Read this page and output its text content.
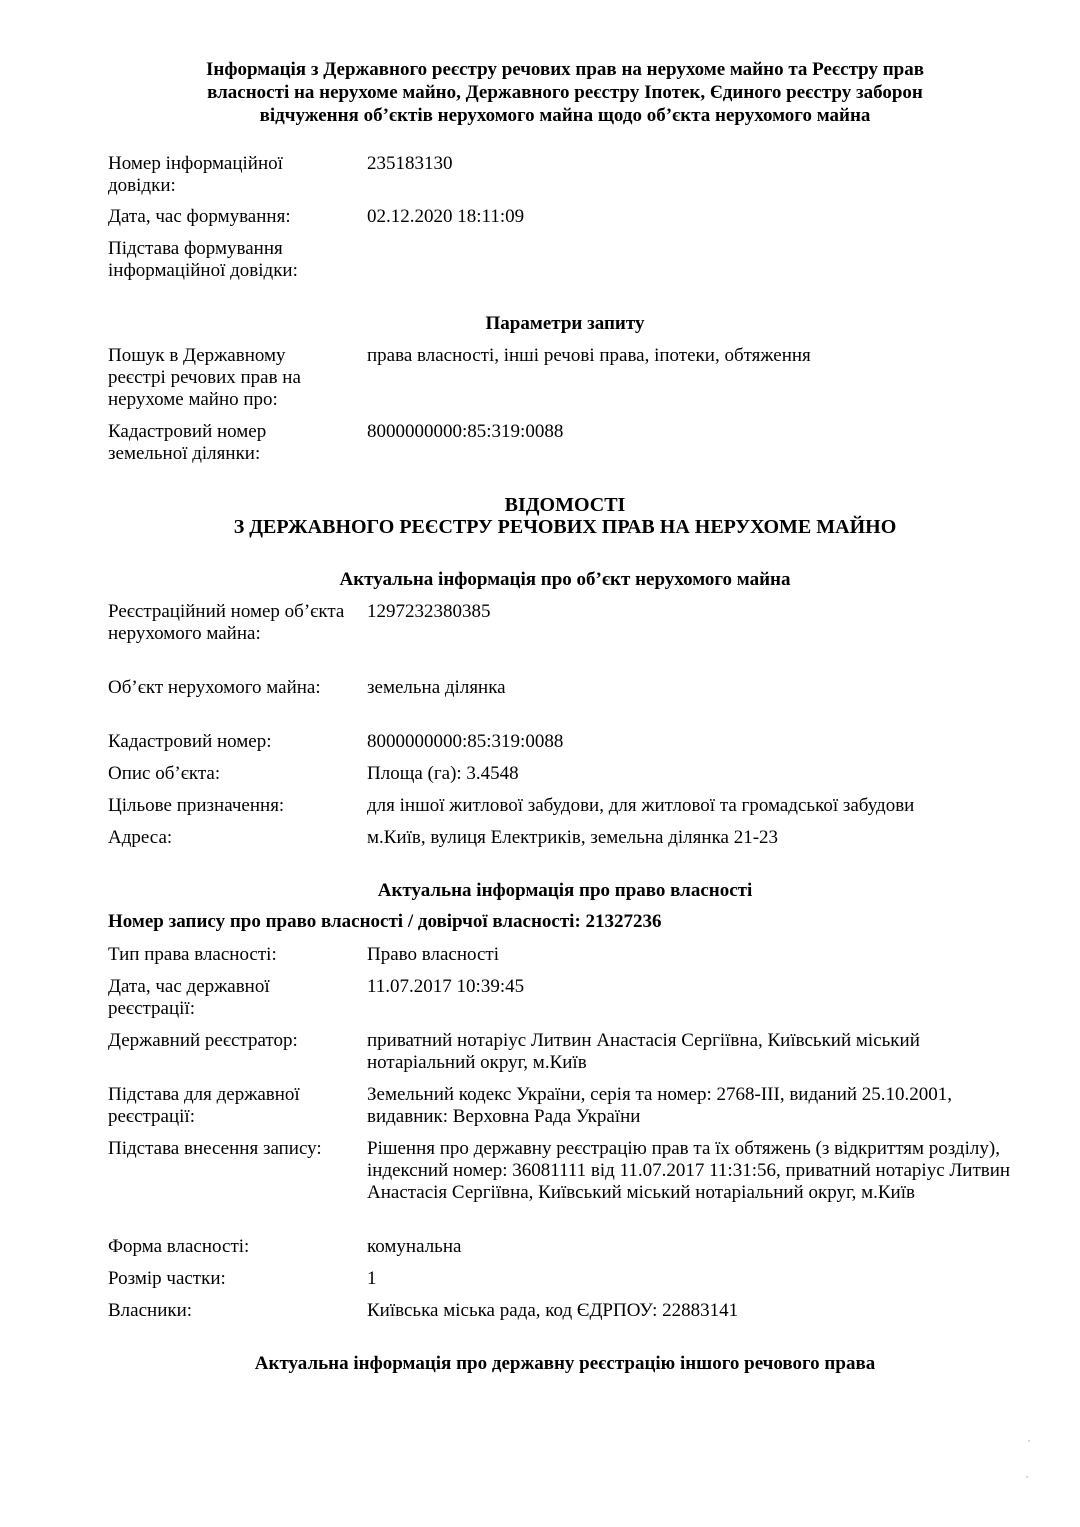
Інформація з Державного реєстру речових прав на нерухоме майно та Реєстру прав
власності на нерухоме майно, Державного реєстру Іпотек, Єдиного реєстру заборон
відчуження об’єктів нерухомого майна щодо об’єкта нерухомого майна
Номер інформаційної довідки:
235183130
Дата, час формування:	02.12.2020 18:11:09
Підстава формування інформаційної довідки:
Параметри запиту
Пошук в Державному реєстрі речових прав на нерухоме майно про:
права власності, інші речові права, іпотеки, обтяження
Кадастровий номер земельної ділянки:
8000000000:85:319:0088
ВІДОМОСТІ
З ДЕРЖАВНОГО РЕЄСТРУ РЕЧОВИХ ПРАВ НА НЕРУХОМЕ МАЙНО
Актуальна інформація про об’єкт нерухомого майна
Реєстраційний номер об’єкта нерухомого майна:
1297232380385
Об’єкт нерухомого майна:	земельна ділянка
Кадастровий номер:	8000000000:85:319:0088
Опис об’єкта:	Площа (га): 3.4548
Цільове призначення:	для іншої житлової забудови, для житлової та громадської забудови
Адреса:	м.Київ, вулиця Електриків, земельна ділянка 21-23
Актуальна інформація про право власності
Номер запису про право власності / довірчої власності: 21327236
Тип права власності:	Право власності
Дата, час державної реєстрації:
11.07.2017 10:39:45
Державний реєстратор:	приватний нотаріус Литвин Анастасія Сергіївна, Київський міський нотаріальний округ, м.Київ
Підстава для державної реєстрації:
Земельний кодекс України, серія та номер: 2768-III, виданий 25.10.2001, видавник: Верховна Рада України
Підстава внесення запису:	Рішення про державну реєстрацію прав та їх обтяжень (з відкриттям розділу), індексний номер: 36081111 від 11.07.2017 11:31:56, приватний нотаріус Литвин Анастасія Сергіївна, Київський міський нотаріальний округ, м.Київ
Форма власності:	комунальна
Розмір частки:	1
Власники:	Київська міська рада, код ЄДРПОУ: 22883141
Актуальна інформація про державну реєстрацію іншого речового права
